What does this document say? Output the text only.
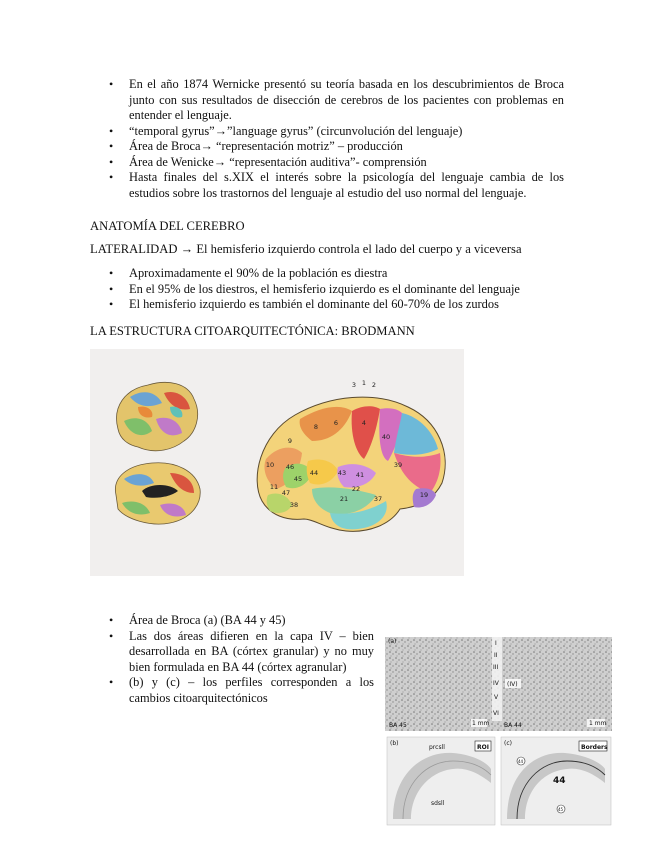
• En el año 1874 Wernicke presentó su teoría basada en los descubrimientos de Broca junto con sus resultados de disección de cerebros de los pacientes con problemas en entender el lenguaje.
• “temporal gyrus”→”language gyrus” (circunvolución del lenguaje)
• Área de Broca→ “representación motriz” – producción
• Área de Wenicke→ “representación auditiva”- comprensión
• Hasta finales del s.XIX el interés sobre la psicología del lenguaje cambia de los estudios sobre los trastornos del lenguaje al estudio del uso normal del lenguaje.
ANATOMÍA DEL CEREBRO
LATERALIDAD → El hemisferio izquierdo controla el lado del cuerpo y a viceversa
• Aproximadamente el 90% de la población es diestra
• En el 95% de los diestros, el hemisferio izquierdo es el dominante del lenguaje
• El hemisferio izquierdo es también el dominante del 60-70% de los zurdos
LA ESTRUCTURA CITOARQUITECTÓNICA: BRODMANN
3 1 2
4
6
8
9
10 46
45
44
40
39
43 41
22
21	37	19
11
47
38
• Área de Broca (a) (BA 44 y 45)
• Las dos áreas difieren en la capa IV – bien desarrollada en BA (córtex granular) y no muy bien formulada en BA 44 (córtex agranular)
• (b) y (c) – los perfiles corresponden a los cambios citoarquitectónicos
(a)	I
II
III
IV
V
VI
(IV)
BA 45	1 mm BA 44	1 mm
(b)
prcsll	ROI
sdsll
(c)
Borders
44
44
45
